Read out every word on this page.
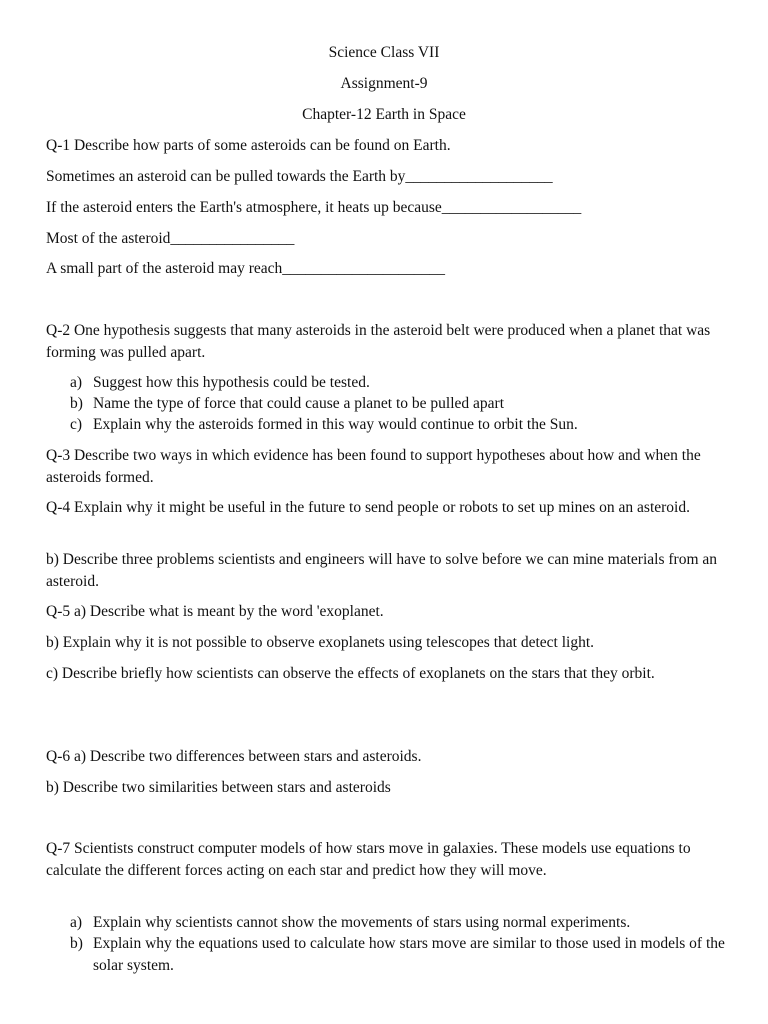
Science Class VII
Assignment-9
Chapter-12 Earth in Space
Q-1 Describe how parts of some asteroids can be found on Earth.
Sometimes an asteroid can be pulled towards the Earth by___________________
If the asteroid enters the Earth's atmosphere, it heats up because__________________
Most of the asteroid________________
A small part of the asteroid may reach_____________________
Q-2 One hypothesis suggests that many asteroids in the asteroid belt were produced when a planet that was forming was pulled apart.
a) Suggest how this hypothesis could be tested.
b) Name the type of force that could cause a planet to be pulled apart
c) Explain why the asteroids formed in this way would continue to orbit the Sun.
Q-3 Describe two ways in which evidence has been found to support hypotheses about how and when the asteroids formed.
Q-4 Explain why it might be useful in the future to send people or robots to set up mines on an asteroid.
b) Describe three problems scientists and engineers will have to solve before we can mine materials from an asteroid.
Q-5 a) Describe what is meant by the word 'exoplanet.
b) Explain why it is not possible to observe exoplanets using telescopes that detect light.
c) Describe briefly how scientists can observe the effects of exoplanets on the stars that they orbit.
Q-6 a) Describe two differences between stars and asteroids.
b) Describe two similarities between stars and asteroids
Q-7 Scientists construct computer models of how stars move in galaxies. These models use equations to calculate the different forces acting on each star and predict how they will move.
a) Explain why scientists cannot show the movements of stars using normal experiments.
b) Explain why the equations used to calculate how stars move are similar to those used in models of the solar system.
